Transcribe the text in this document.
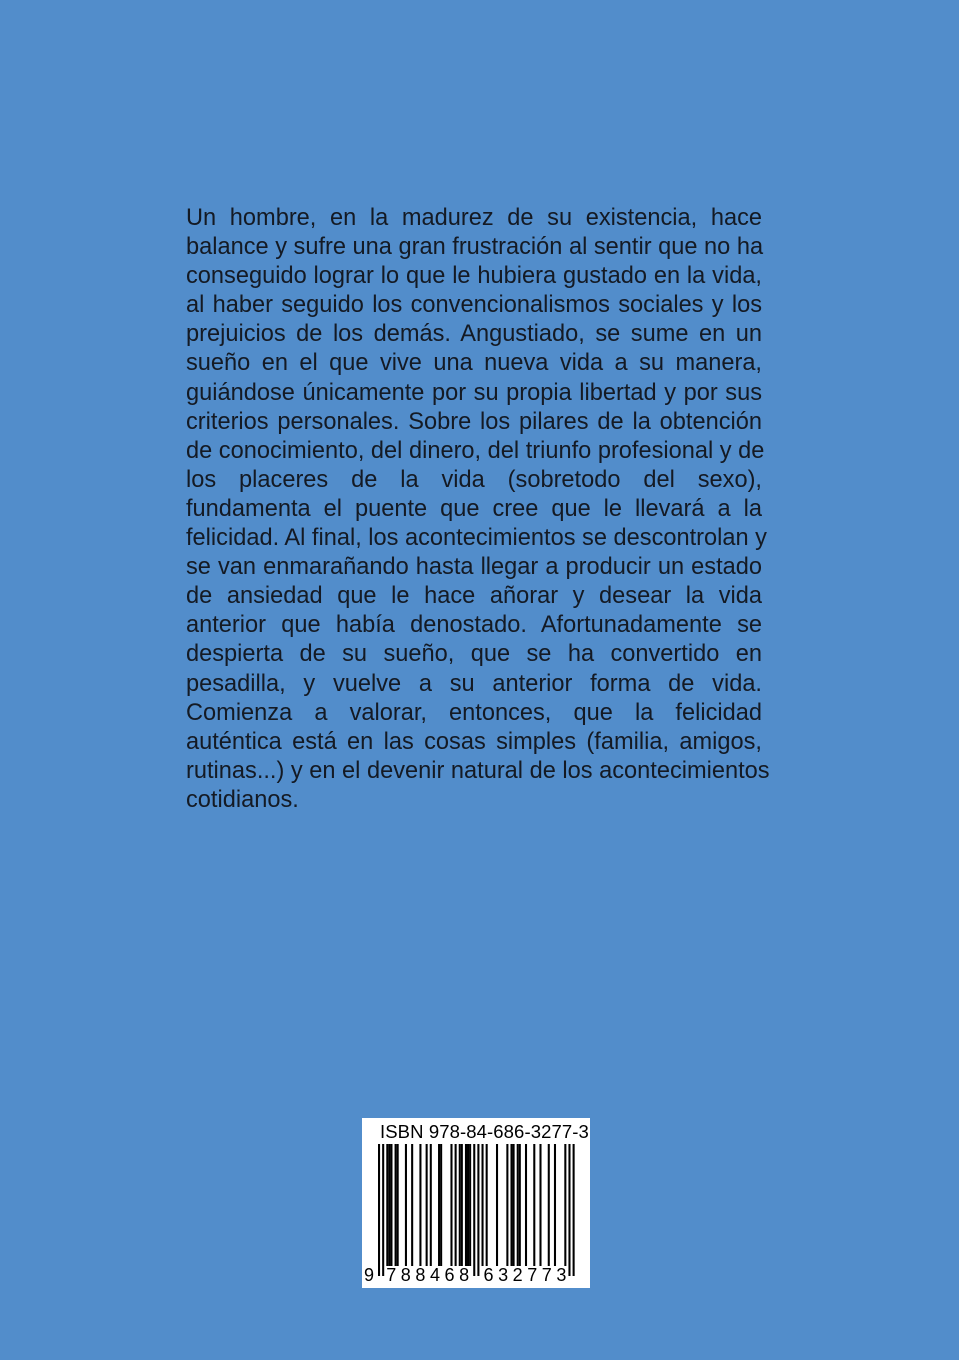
Un hombre, en la madurez de su existencia, hace
balance y sufre una gran frustración al sentir que no ha
conseguido lograr lo que le hubiera gustado en la vida,
al haber seguido los convencionalismos sociales y los
prejuicios de los demás. Angustiado, se sume en un
sueño en el que vive una nueva vida a su manera,
guiándose únicamente por su propia libertad y por sus
criterios personales. Sobre los pilares de la obtención
de conocimiento, del dinero, del triunfo profesional y de
los placeres de la vida (sobretodo del sexo),
fundamenta el puente que cree que le llevará a la
felicidad. Al final, los acontecimientos se descontrolan y
se van enmarañando hasta llegar a producir un estado
de ansiedad que le hace añorar y desear la vida
anterior que había denostado. Afortunadamente se
despierta de su sueño, que se ha convertido en
pesadilla, y vuelve a su anterior forma de vida.
Comienza a valorar, entonces, que la felicidad
auténtica está en las cosas simples (familia, amigos,
rutinas...) y en el devenir natural de los acontecimientos
cotidianos.
ISBN 978-84-686-3277-3
9 788468 632773
